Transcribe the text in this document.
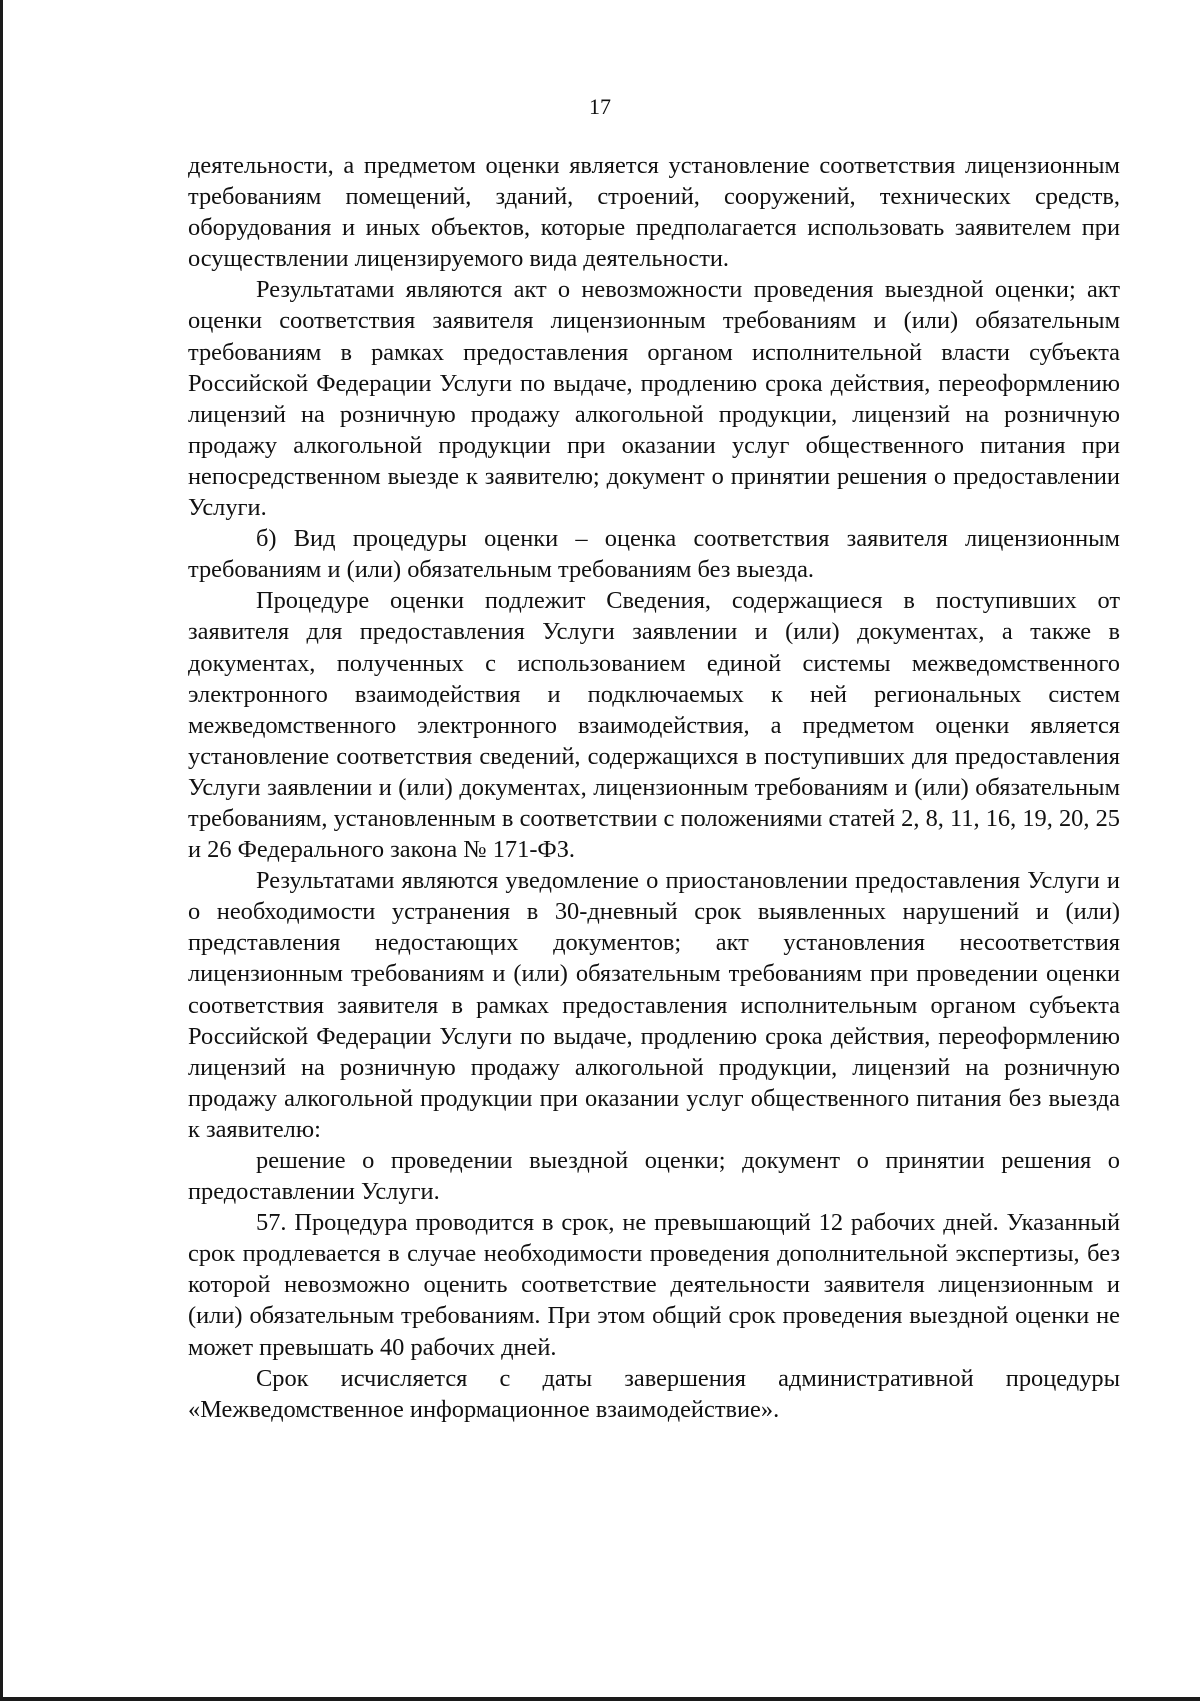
17

деятельности, а предметом оценки является установление соответствия лицензионным требованиям помещений, зданий, строений, сооружений, технических средств, оборудования и иных объектов, которые предполагается использовать заявителем при осуществлении лицензируемого вида деятельности.

Результатами являются акт о невозможности проведения выездной оценки; акт оценки соответствия заявителя лицензионным требованиям и (или) обязательным требованиям в рамках предоставления органом исполнительной власти субъекта Российской Федерации Услуги по выдаче, продлению срока действия, переоформлению лицензий на розничную продажу алкогольной продукции, лицензий на розничную продажу алкогольной продукции при оказании услуг общественного питания при непосредственном выезде к заявителю; документ о принятии решения о предоставлении Услуги.

б) Вид процедуры оценки – оценка соответствия заявителя лицензионным требованиям и (или) обязательным требованиям без выезда.

Процедуре оценки подлежит Сведения, содержащиеся в поступивших от заявителя для предоставления Услуги заявлении и (или) документах, а также в документах, полученных с использованием единой системы межведомственного электронного взаимодействия и подключаемых к ней региональных систем межведомственного электронного взаимодействия, а предметом оценки является установление соответствия сведений, содержащихся в поступивших для предоставления Услуги заявлении и (или) документах, лицензионным требованиям и (или) обязательным требованиям, установленным в соответствии с положениями статей 2, 8, 11, 16, 19, 20, 25 и 26 Федерального закона № 171-ФЗ.

Результатами являются уведомление о приостановлении предоставления Услуги и о необходимости устранения в 30-дневный срок выявленных нарушений и (или) представления недостающих документов; акт установления несоответствия лицензионным требованиям и (или) обязательным требованиям при проведении оценки соответствия заявителя в рамках предоставления исполнительным органом субъекта Российской Федерации Услуги по выдаче, продлению срока действия, переоформлению лицензий на розничную продажу алкогольной продукции, лицензий на розничную продажу алкогольной продукции при оказании услуг общественного питания без выезда к заявителю:

решение о проведении выездной оценки; документ о принятии решения о предоставлении Услуги.

57. Процедура проводится в срок, не превышающий 12 рабочих дней. Указанный срок продлевается в случае необходимости проведения дополнительной экспертизы, без которой невозможно оценить соответствие деятельности заявителя лицензионным и (или) обязательным требованиям. При этом общий срок проведения выездной оценки не может превышать 40 рабочих дней.

Срок исчисляется с даты завершения административной процедуры «Межведомственное информационное взаимодействие».
